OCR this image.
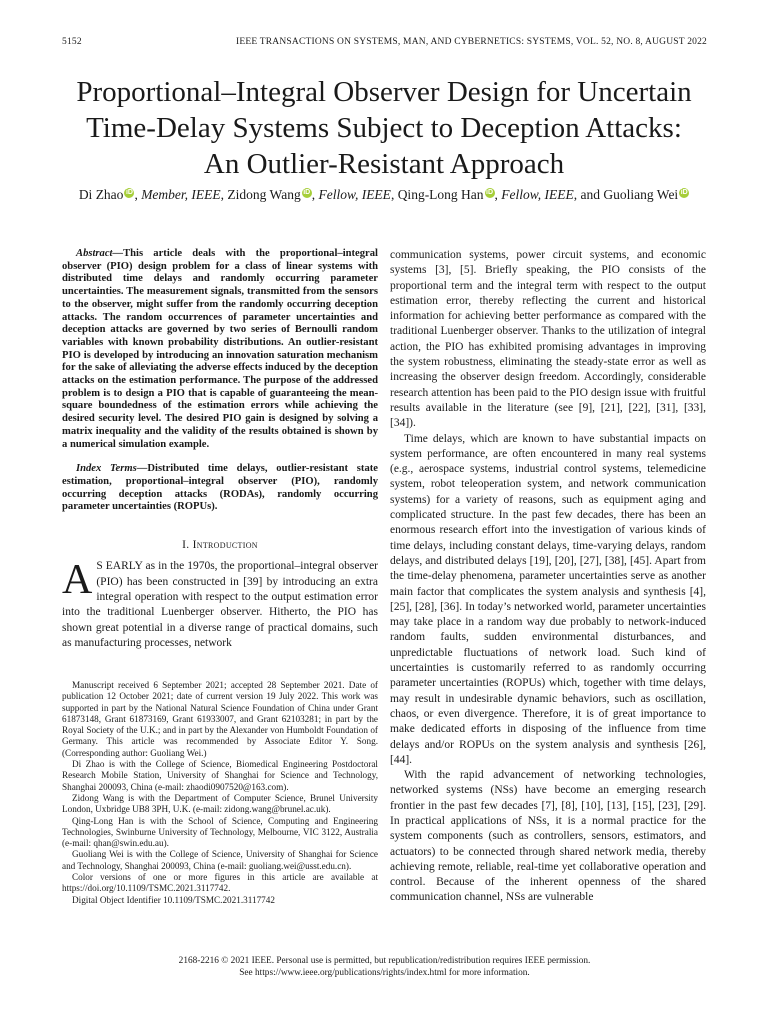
5152	IEEE TRANSACTIONS ON SYSTEMS, MAN, AND CYBERNETICS: SYSTEMS, VOL. 52, NO. 8, AUGUST 2022
Proportional–Integral Observer Design for Uncertain
Time-Delay Systems Subject to Deception Attacks:
An Outlier-Resistant Approach
Di Zhao iD , Member, IEEE, Zidong Wang iD , Fellow, IEEE, Qing-Long Han iD , Fellow, IEEE, and Guoliang Wei iD

Abstract—This article deals with the proportional–integral observer (PIO) design problem for a class of linear systems with distributed time delays and randomly occurring parameter uncertainties. The measurement signals, transmitted from the sensors to the observer, might suffer from the randomly occurring deception attacks. The random occurrences of parameter uncertainties and deception attacks are governed by two series of Bernoulli random variables with known probability distributions. An outlier-resistant PIO is developed by introducing an innovation saturation mechanism for the sake of alleviating the adverse effects induced by the deception attacks on the estimation performance. The purpose of the addressed problem is to design a PIO that is capable of guaranteeing the mean-square boundedness of the estimation errors while achieving the desired security level. The desired PIO gain is designed by solving a matrix inequality and the validity of the results obtained is shown by a numerical simulation example.

Index Terms—Distributed time delays, outlier-resistant state estimation, proportional–integral observer (PIO), randomly occurring deception attacks (RODAs), randomly occurring parameter uncertainties (ROPUs).

I. Introduction

A S EARLY as in the 1970s, the proportional–integral observer (PIO) has been constructed in [39] by introducing an extra integral operation with respect to the output estimation error into the traditional Luenberger observer. Hitherto, the PIO has shown great potential in a diverse range of practical domains, such as manufacturing processes, network

Manuscript received 6 September 2021; accepted 28 September 2021. Date of publication 12 October 2021; date of current version 19 July 2022. This work was supported in part by the National Natural Science Foundation of China under Grant 61873148, Grant 61873169, Grant 61933007, and Grant 62103281; in part by the Royal Society of the U.K.; and in part by the Alexander von Humboldt Foundation of Germany. This article was recommended by Associate Editor Y. Song. (Corresponding author: Guoliang Wei.)

Di Zhao is with the College of Science, Biomedical Engineering Postdoctoral Research Mobile Station, University of Shanghai for Science and Technology, Shanghai 200093, China (e-mail: zhaodi0907520@163.com).

Zidong Wang is with the Department of Computer Science, Brunel University London, Uxbridge UB8 3PH, U.K. (e-mail: zidong.wang@brunel.ac.uk).

Qing-Long Han is with the School of Science, Computing and Engineering Technologies, Swinburne University of Technology, Melbourne, VIC 3122, Australia (e-mail: qhan@swin.edu.au).

Guoliang Wei is with the College of Science, University of Shanghai for Science and Technology, Shanghai 200093, China (e-mail: guoliang.wei@usst.edu.cn).

Color versions of one or more figures in this article are available at https://doi.org/10.1109/TSMC.2021.3117742.

Digital Object Identifier 10.1109/TSMC.2021.3117742

communication systems, power circuit systems, and economic systems [3], [5]. Briefly speaking, the PIO consists of the proportional term and the integral term with respect to the output estimation error, thereby reflecting the current and historical information for achieving better performance as compared with the traditional Luenberger observer. Thanks to the utilization of integral action, the PIO has exhibited promising advantages in improving the system robustness, eliminating the steady-state error as well as increasing the observer design freedom. Accordingly, considerable research attention has been paid to the PIO design issue with fruitful results available in the literature (see [9], [21], [22], [31], [33], [34]).

Time delays, which are known to have substantial impacts on system performance, are often encountered in many real systems (e.g., aerospace systems, industrial control systems, telemedicine system, robot teleoperation system, and network communication systems) for a variety of reasons, such as equipment aging and complicated structure. In the past few decades, there has been an enormous research effort into the investigation of various kinds of time delays, including constant delays, time-varying delays, random delays, and distributed delays [19], [20], [27], [38], [45]. Apart from the time-delay phenomena, parameter uncertainties serve as another main factor that complicates the system analysis and synthesis [4], [25], [28], [36]. In today’s networked world, parameter uncertainties may take place in a random way due probably to network-induced random faults, sudden environmental disturbances, and unpredictable fluctuations of network load. Such kind of uncertainties is customarily referred to as randomly occurring parameter uncertainties (ROPUs) which, together with time delays, may result in undesirable dynamic behaviors, such as oscillation, chaos, or even divergence. Therefore, it is of great importance to make dedicated efforts in disposing of the influence from time delays and/or ROPUs on the system analysis and synthesis [26], [44].

With the rapid advancement of networking technologies, networked systems (NSs) have become an emerging research frontier in the past few decades [7], [8], [10], [13], [15], [23], [29]. In practical applications of NSs, it is a normal practice for the system components (such as controllers, sensors, estimators, and actuators) to be connected through shared network media, thereby achieving remote, reliable, real-time yet collaborative operation and control. Because of the inherent openness of the shared communication channel, NSs are vulnerable

2168-2216 © 2021 IEEE. Personal use is permitted, but republication/redistribution requires IEEE permission.
See https://www.ieee.org/publications/rights/index.html for more information.
